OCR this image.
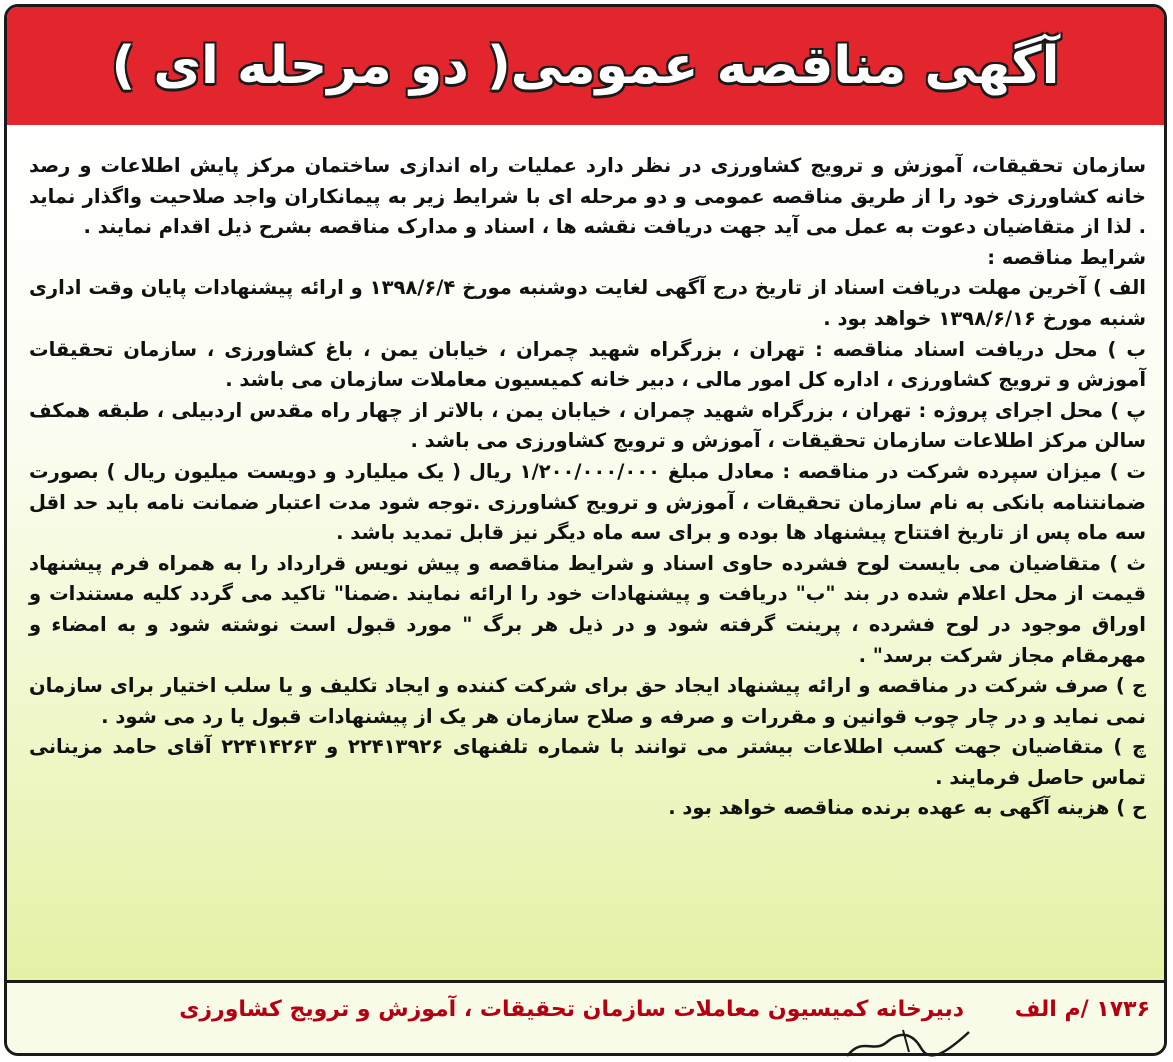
آگهی مناقصه عمومی( دو مرحله ای )

سازمان تحقیقات، آموزش و ترویج کشاورزی در نظر دارد عملیات راه اندازی ساختمان مرکز پایش اطلاعات و رصد خانه کشاورزی خود را از طریق مناقصه عمومی و دو مرحله ای با شرایط زیر به پیمانکاران واجد صلاحیت واگذار نماید . لذا از متقاضیان دعوت به عمل می آید جهت دریافت نقشه ها ، اسناد و مدارک مناقصه بشرح ذیل اقدام نمایند .

شرایط مناقصه :

الف ) آخرین مهلت دریافت اسناد از تاریخ درج آگهی لغایت دوشنبه مورخ ۱۳۹۸/۶/۴ و ارائه پیشنهادات پایان وقت اداری شنبه مورخ ۱۳۹۸/۶/۱۶ خواهد بود .

ب ) محل دریافت اسناد مناقصه : تهران ، بزرگراه شهید چمران ، خیابان یمن ، باغ کشاورزی ، سازمان تحقیقات آموزش و ترویج کشاورزی ، اداره کل امور مالی ، دبیر خانه کمیسیون معاملات سازمان می باشد .

پ ) محل اجرای پروژه : تهران ، بزرگراه شهید چمران ، خیابان یمن ، بالاتر از چهار راه مقدس اردبیلی ، طبقه همکف سالن مرکز اطلاعات سازمان تحقیقات ، آموزش و ترویج کشاورزی می باشد .

ت ) میزان سپرده شرکت در مناقصه : معادل مبلغ ۱/۲۰۰/۰۰۰/۰۰۰ ریال ( یک میلیارد و دویست میلیون ریال ) بصورت ضمانتنامه بانکی به نام سازمان تحقیقات ، آموزش و ترویج کشاورزی .توجه شود مدت اعتبار ضمانت نامه باید حد اقل سه ماه پس از تاریخ افتتاح پیشنهاد ها بوده و برای سه ماه دیگر نیز قابل تمدید باشد .

ث ) متقاضیان می بایست لوح فشرده حاوی اسناد و شرایط مناقصه و پیش نویس قرارداد را به همراه فرم پیشنهاد قیمت از محل اعلام شده در بند "ب" دریافت و پیشنهادات خود را ارائه نمایند .ضمنا" تاکید می گردد کلیه مستندات و اوراق موجود در لوح فشرده ، پرینت گرفته شود و در ذیل هر برگ " مورد قبول است نوشته شود و به امضاء و مهرمقام مجاز شرکت برسد" .

ج ) صرف شرکت در مناقصه و ارائه پیشنهاد ایجاد حق برای شرکت کننده و ایجاد تکلیف و یا سلب اختیار برای سازمان نمی نماید و در چار چوب قوانین و مقررات و صرفه و صلاح سازمان هر یک از پیشنهادات قبول یا رد می شود .

چ ) متقاضیان جهت کسب اطلاعات بیشتر می توانند با شماره تلفنهای ۲۲۴۱۳۹۲۶ و ۲۲۴۱۴۲۶۳ آقای حامد مزینانی تماس حاصل فرمایند .

ح ) هزینه آگهی به عهده برنده مناقصه خواهد بود .

دبیرخانه کمیسیون معاملات سازمان تحقیقات ، آموزش و ترویج کشاورزی ۱۷۳۶ /م الف
